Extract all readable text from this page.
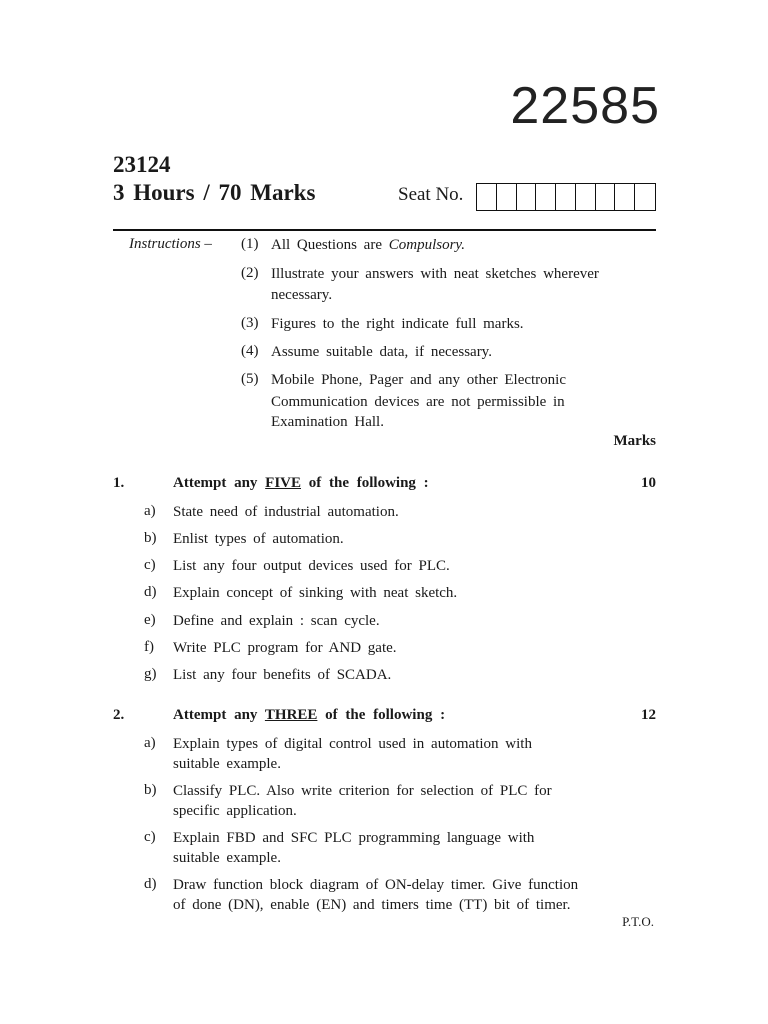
22585
23124
3 Hours / 70 Marks	Seat No.
Instructions – (1) All Questions are Compulsory.
(2) Illustrate your answers with neat sketches wherever
necessary.
(3) Figures to the right indicate full marks.
(4) Assume suitable data, if necessary.
(5) Mobile Phone, Pager and any other Electronic
Communication devices are not permissible in
Examination Hall.
Marks
1.	Attempt any FIVE of the following :	10
a) State need of industrial automation.
b) Enlist types of automation.
c) List any four output devices used for PLC.
d) Explain concept of sinking with neat sketch.
e) Define and explain : scan cycle.
f) Write PLC program for AND gate.
g) List any four benefits of SCADA.
2.	Attempt any THREE of the following :	12
a) Explain types of digital control used in automation with
suitable example.
b) Classify PLC. Also write criterion for selection of PLC for
specific application.
c) Explain FBD and SFC PLC programming language with
suitable example.
d) Draw function block diagram of ON-delay timer. Give function
of done (DN), enable (EN) and timers time (TT) bit of timer.
P.T.O.
